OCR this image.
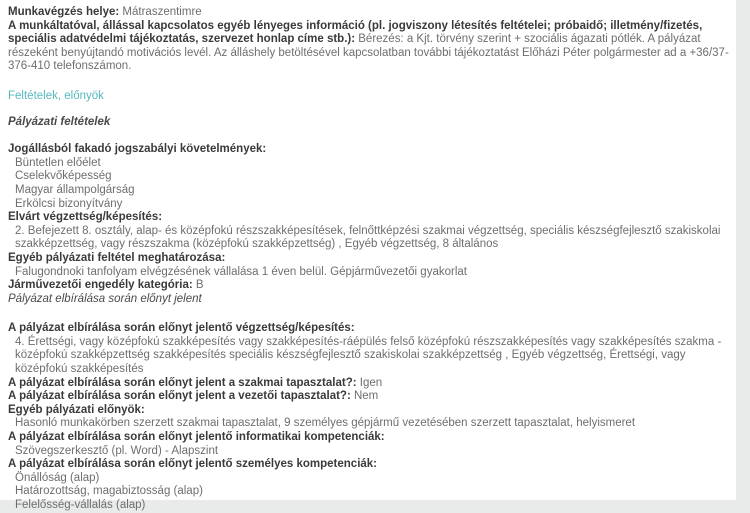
Munkavégzés helye: Mátraszentimre

A munkáltatóval, állással kapcsolatos egyéb lényeges információ (pl. jogviszony létesítés feltételei; próbaidő; illetmény/fizetés, speciális adatvédelmi tájékoztatás, szervezet honlap címe stb.): Bérezés: a Kjt. törvény szerint + szociális ágazati pótlék. A pályázat részeként benyújtandó motivációs levél. Az álláshely betöltésével kapcsolatban további tájékoztatást Előházi Péter polgármester ad a +36/37-376-410 telefonszámon.

Feltételek, előnyök
Pályázati feltételek
Jogállásból fakadó jogszabályi követelmények:
Büntetlen előélet
Cselekvőképesség
Magyar állampolgárság
Erkölcsi bizonyítvány
Elvárt végzettség/képesítés:
2. Befejezett 8. osztály, alap- és középfokú részszakképesítések, felnőttképzési szakmai végzettség, speciális készségfejlesztő szakiskolai szakképzettség, vagy részszakma (középfokú szakképzettség) , Egyéb végzettség, 8 általános
Egyéb pályázati feltétel meghatározása:
Falugondnoki tanfolyam elvégzésének vállalása 1 éven belül. Gépjárművezetői gyakorlat
Járművezetői engedély kategória: B
Pályázat elbírálása során előnyt jelent
A pályázat elbírálása során előnyt jelentő végzettség/képesítés:
4. Érettségi, vagy középfokú szakképesítés vagy szakképesítés-ráépülés felső középfokú részszakképesítés vagy szakképesítés szakma - középfokú szakképzettség szakképesítés speciális készségfejlesztő szakiskolai szakképzettség , Egyéb végzettség, Érettségi, vagy középfokú szakképesítés
A pályázat elbírálása során előnyt jelent a szakmai tapasztalat?: Igen
A pályázat elbírálása során előnyt jelent a vezetői tapasztalat?: Nem
Egyéb pályázati előnyök:
Hasonló munkakörben szerzett szakmai tapasztalat, 9 személyes gépjármű vezetésében szerzett tapasztalat, helyismeret
A pályázat elbírálása során előnyt jelentő informatikai kompetenciák:
Szövegszerkesztő (pl. Word) - Alapszint
A pályázat elbírálása során előnyt jelentő személyes kompetenciák:
Önállóság (alap)
Határozottság, magabiztosság (alap)
Felelősség-vállalás (alap)
